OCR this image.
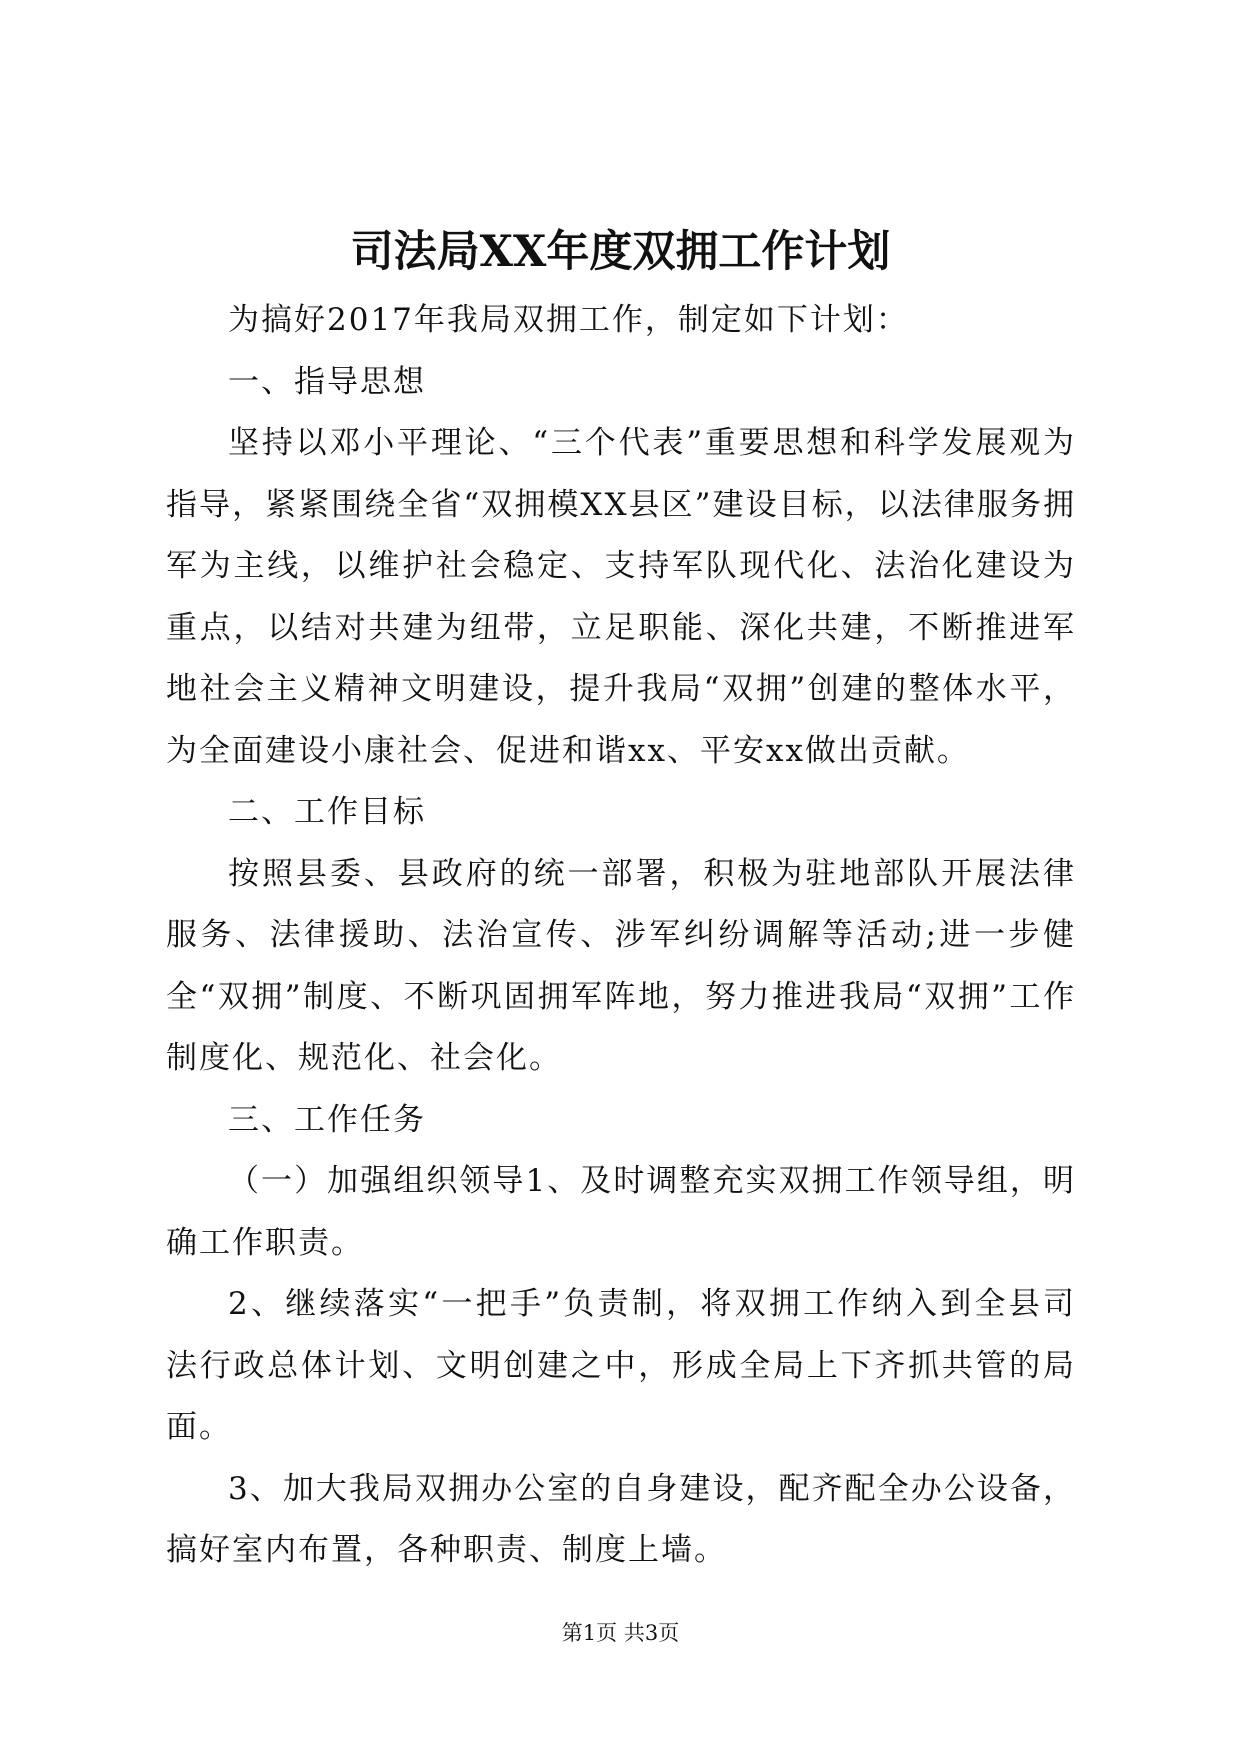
司法局XX年度双拥工作计划

为搞好2017年我局双拥工作，制定如下计划：

一、指导思想

坚持以邓小平理论、“三个代表”重要思想和科学发展观为指导，紧紧围绕全省“双拥模XX县区”建设目标，以法律服务拥军为主线，以维护社会稳定、支持军队现代化、法治化建设为重点，以结对共建为纽带，立足职能、深化共建，不断推进军地社会主义精神文明建设，提升我局“双拥”创建的整体水平，为全面建设小康社会、促进和谐xx、平安xx做出贡献。

二、工作目标

按照县委、县政府的统一部署，积极为驻地部队开展法律服务、法律援助、法治宣传、涉军纠纷调解等活动;进一步健全“双拥”制度、不断巩固拥军阵地，努力推进我局“双拥”工作制度化、规范化、社会化。

三、工作任务

（一）加强组织领导1、及时调整充实双拥工作领导组，明确工作职责。

2、继续落实“一把手”负责制，将双拥工作纳入到全县司法行政总体计划、文明创建之中，形成全局上下齐抓共管的局面。

3、加大我局双拥办公室的自身建设，配齐配全办公设备，搞好室内布置，各种职责、制度上墙。

第1页 共3页
